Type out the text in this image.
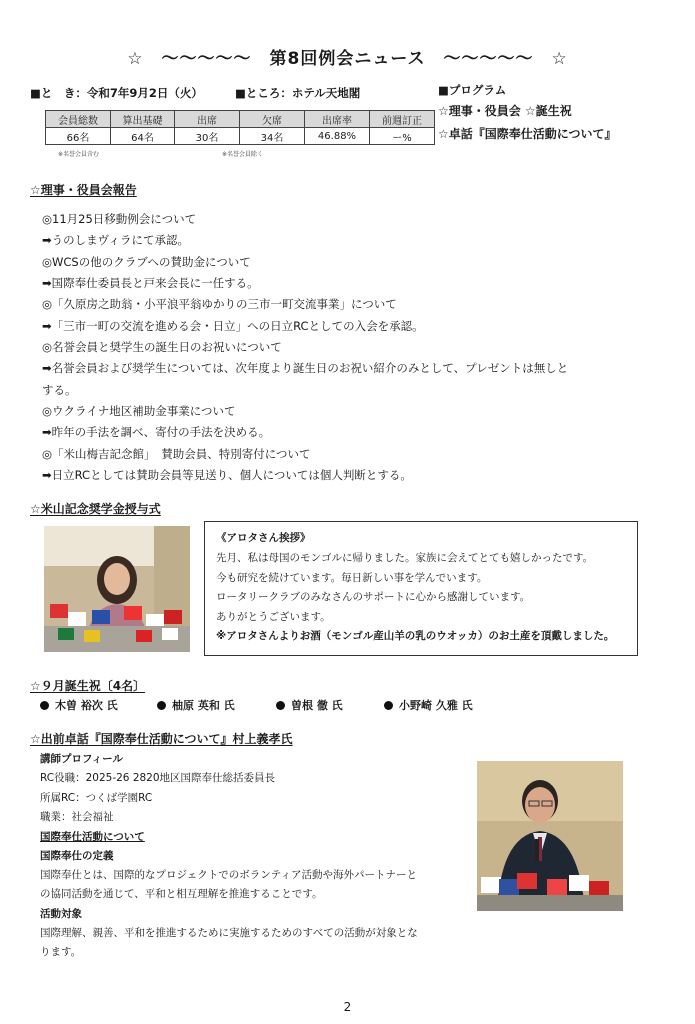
☆　〜〜〜〜〜　第8回例会ニュース　〜〜〜〜〜　☆
■と　き：令和7年9月2日（火）	■ところ：ホテル天地閣	■プログラム
☆理事・役員会 ☆誕生祝
☆卓話『国際奉仕活動について』
会員総数	算出基礎	出席	欠席	出席率	前週訂正
66名	64名	30名	34名	46.88%	ー%
※名誉会員含む	※名誉会員除く
☆理事・役員会報告
◎11月25日移動例会について
➡うのしまヴィラにて承認。
◎WCSの他のクラブへの賛助金について
➡国際奉仕委員長と戸来会長に一任する。
◎「久原房之助翁・小平浪平翁ゆかりの三市一町交流事業」について
➡「三市一町の交流を進める会・日立」への日立RCとしての入会を承認。
◎名誉会員と奨学生の誕生日のお祝いについて
➡名誉会員および奨学生については、次年度より誕生日のお祝い紹介のみとして、プレゼントは無しと
する。
◎ウクライナ地区補助金事業について
➡昨年の手法を調べ、寄付の手法を決める。
◎「米山梅吉記念館」　賛助会員、特別寄付について
➡日立RCとしては賛助会員等見送り、個人については個人判断とする。
☆米山記念奨学金授与式
《アロタさん挨拶》
先月、私は母国のモンゴルに帰りました。家族に会えてとても嬉しかったです。
今も研究を続けています。毎日新しい事を学んでいます。
ロータリークラブのみなさんのサポートに心から感謝しています。
ありがとうございます。
※アロタさんよりお酒（モンゴル産山羊の乳のウオッカ）のお土産を頂戴しました。
☆９月誕生祝〔4名〕
木曽 裕次 氏	柚原 英和 氏	曽根 徹 氏	小野崎 久雅 氏
☆出前卓話『国際奉仕活動について』村上義孝氏
講師プロフィール
RC役職：2025-26 2820地区国際奉仕総括委員長
所属RC：つくば学園RC
職業：社会福祉
国際奉仕活動について
国際奉仕の定義
国際奉仕とは、国際的なプロジェクトでのボランティア活動や海外パートナーと
の協同活動を通じて、平和と相互理解を推進することです。
活動対象
国際理解、親善、平和を推進するために実施するためのすべての活動が対象とな
ります。
2
